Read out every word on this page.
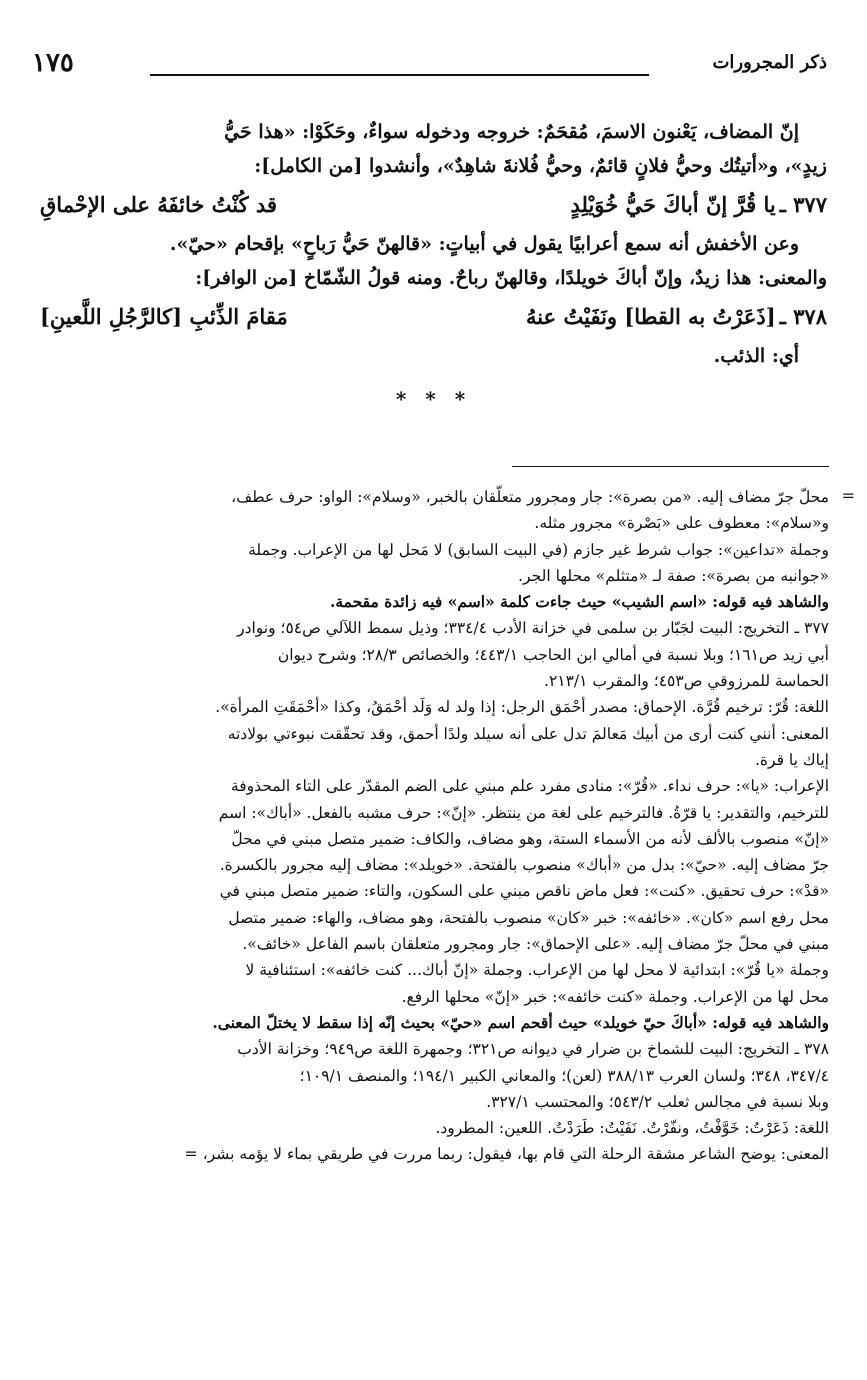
ذكر المجرورات
١٧٥

إنّ المضاف، يَعْنون الاسمَ، مُقحَمٌ: خروجه ودخوله سواءٌ، وحَكَوْا: «هذا حَيُّ

زيدٍ»، و«أتيتُك وحيُّ فلانٍ قائمٌ، وحيُّ فُلانةَ شاهِدٌ»، وأنشدوا [من الكامل]:

٣٧٧ ـ
يا قُرَّ إنّ أباكَ حَيُّ خُوَيْلِدٍ
قد كُنْتُ خائفَهُ على الإحْماقِ

وعن الأخفش أنه سمع أعرابيًا يقول في أبياتٍ: «قالهنّ حَيُّ رَباحٍ» بإقحام «حيّ».

والمعنى: هذا زيدٌ، وإنّ أباكَ خويلدًا، وقالهنّ رباحٌ. ومنه قولُ الشّمّاخ [من الوافر]:

٣٧٨ ـ
[ذَعَرْتُ به القطا] ونَفَيْتُ عنهُ
مَقامَ الذِّئبِ [كالرَّجُلِ اللَّعينِ]

أي: الذئب.

* * *
=

محلّ جرّ مضاف إليه. «من بصرة»: جار ومجرور متعلّقان بالخبر، «وسلام»: الواو: حرف عطف،

و«سلام»: معطوف على «بَصْرة» مجرور مثله.

وجملة «تداعين»: جواب شرط غير جازم (في البيت السابق) لا مَحل لها من الإعراب. وجملة

«جوانبه من بصرة»: صفة لـ «متثلم» محلها الجر.

والشاهد فيه قوله: «اسم الشيب» حيث جاءت كلمة «اسم» فيه زائدة مقحمة.

٣٧٧ ـ التخريج: البيت لجَبّار بن سلمى في خزانة الأدب ٣٣٤/٤؛ وذيل سمط اللآلي ص٥٤؛ ونوادر

أبي زيد ص١٦١؛ وبلا نسبة في أمالي ابن الحاجب ٤٤٣/١؛ والخصائص ٢٨/٣؛ وشرح ديوان

الحماسة للمرزوقي ص٤٥٣؛ والمقرب ٢١٣/١.

اللغة: قُرّ: ترخيم قُرَّة. الإحماق: مصدر أحْمَق الرجل: إذا ولد له وَلَد أحْمَقُ، وكذا «أحْمَقَتِ المرأة».

المعنى: أنني كنت أرى من أبيك مَعالمَ تدل على أنه سيلد ولدًا أحمق، وقد تحقّقت نبوءتي بولادته

إياك يا قرة.

الإعراب: «يا»: حرف نداء. «قُرّ»: منادى مفرد علم مبني على الضم المقدّر على التاء المحذوفة

للترخيم، والتقدير: يا قرّةُ. فالترخيم على لغة من ينتظر. «إنّ»: حرف مشبه بالفعل. «أباك»: اسم

«إنّ» منصوب بالألف لأنه من الأسماء الستة، وهو مضاف، والكاف: ضمير متصل مبني في محلّ

جرّ مضاف إليه. «حيّ»: بدل من «أباك» منصوب بالفتحة. «خويلد»: مضاف إليه مجرور بالكسرة.

«قدْ»: حرف تحقيق. «كنت»: فعل ماض ناقص مبني على السكون، والتاء: ضمير متصل مبني في

محل رفع اسم «كان». «خائفه»: خبر «كان» منصوب بالفتحة، وهو مضاف، والهاء: ضمير متصل

مبني في محلّ جرّ مضاف إليه. «على الإحماق»: جار ومجرور متعلقان باسم الفاعل «خائف».

وجملة «يا قُرّ»: ابتدائية لا محل لها من الإعراب. وجملة «إنّ أباك... كنت خائفه»: استئنافية لا

محل لها من الإعراب. وجملة «كنت خائفه»: خبر «إنّ» محلها الرفع.

والشاهد فيه قوله: «أباكَ حيّ خويلد» حيث أقحم اسم «حيّ» بحيث إنّه إذا سقط لا يختلّ المعنى.

٣٧٨ ـ التخريج: البيت للشماخ بن ضرار في ديوانه ص٣٢١؛ وجمهرة اللغة ص٩٤٩؛ وخزانة الأدب

٣٤٧/٤، ٣٤٨؛ ولسان العرب ٣٨٨/١٣ (لعن)؛ والمعاني الكبير ١٩٤/١؛ والمنصف ١٠٩/١؛

وبلا نسبة في مجالس ثعلب ٥٤٣/٢؛ والمحتسب ٣٢٧/١.

اللغة: ذَعَرْتُ: خَوَّفْتُ، ونفّرْتُ. نَفَيْتُ: طَرَدْتُ. اللعين: المطرود.

المعنى: يوضح الشاعر مشقة الرحلة التي قام بها، فيقول: ربما مررت في طريقي بماء لا يؤمه بشر، =
